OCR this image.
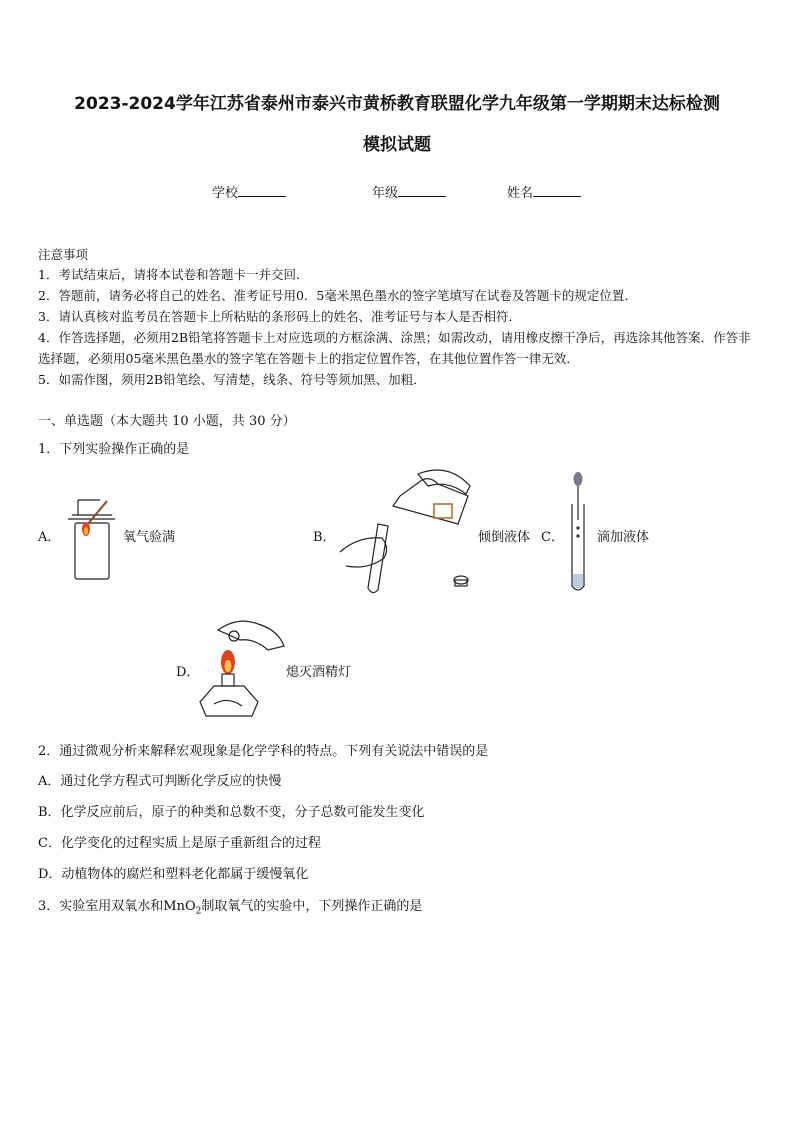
2023-2024学年江苏省泰州市泰兴市黄桥教育联盟化学九年级第一学期期末达标检测
模拟试题
学校	年级	姓名
注意事项
1．考试结束后，请将本试卷和答题卡一并交回．
2．答题前，请务必将自己的姓名、准考证号用0．5毫米黑色墨水的签字笔填写在试卷及答题卡的规定位置．
3．请认真核对监考员在答题卡上所粘贴的条形码上的姓名、准考证号与本人是否相符．
4．作答选择题，必须用2B铅笔将答题卡上对应选项的方框涂满、涂黑；如需改动，请用橡皮擦干净后，再选涂其他答案．作答非选择题，必须用05毫米黑色墨水的签字笔在答题卡上的指定位置作答，在其他位置作答一律无效．
5．如需作图，须用2B铅笔绘、写清楚，线条、符号等须加黑、加粗．
一、单选题（本大题共 10 小题，共 30 分）
1．下列实验操作正确的是
A．	氧气验满	B．	倾倒液体 C．	滴加液体
D．	熄灭酒精灯
2．通过微观分析来解释宏观现象是化学学科的特点。下列有关说法中错误的是
A．通过化学方程式可判断化学反应的快慢
B．化学反应前后，原子的种类和总数不变，分子总数可能发生变化
C．化学变化的过程实质上是原子重新组合的过程
D．动植物体的腐烂和塑料老化都属于缓慢氧化
3．实验室用双氧水和MnO$_2$制取氧气的实验中，下列操作正确的是
